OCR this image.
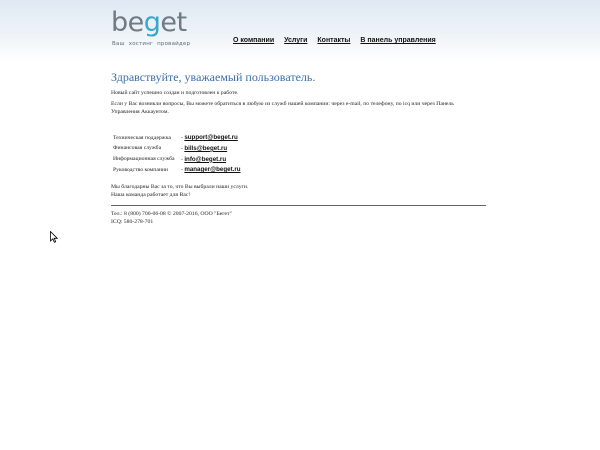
beget
Ваш хостинг провайдер	О компании Услуги Контакты В панель управления
Здравствуйте, уважаемый пользователь.

Новый сайт успешно создан и подготовлен к работе.

Если у Вас возникли вопросы, Вы можете обратиться в любую из служб нашей компании: через e-mail, по телефону, по icq или через Панель Управления Аккаунтом.

Техническая поддержка	- support@beget.ru
Финансовая служба	- bills@beget.ru
Информационная служба	- info@beget.ru
Руководство компании	- manager@beget.ru

Мы благодарны Вас за то, что Вы выбрали наши услуги.

Наша команда работает для Вас!

Тел.: 8 (800) 700-06-08 © 2007-2016, ООО "Бегет"

ICQ: 580-278-701
